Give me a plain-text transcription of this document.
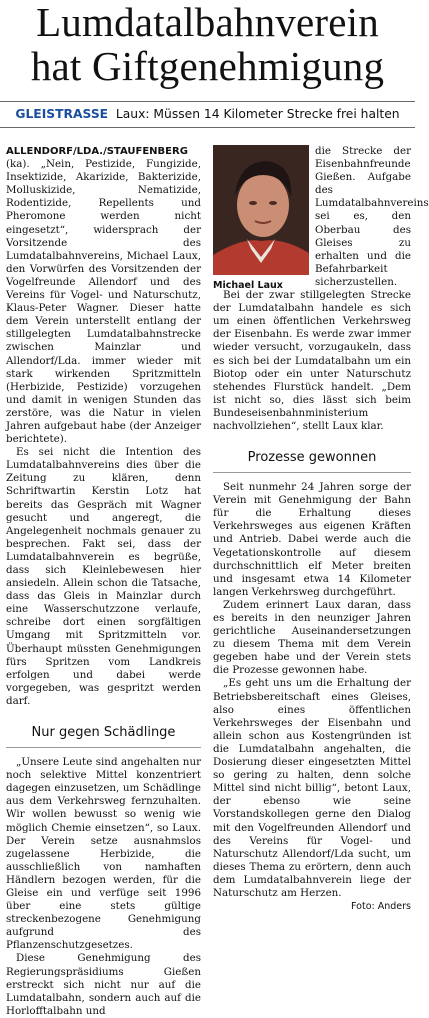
Lumdatalbahnverein
hat Giftgenehmigung
GLEISTRASSE Laux: Müssen 14 Kilometer Strecke frei halten
ALLENDORF/LDA./STAUFENBERG

(ka). „Nein, Pestizide, Fungizide, Insektizide, Akarizide, Bakterizide, Molluskizide, Nematizide, Rodentizide, Repellents und Pheromone werden nicht eingesetzt“, widersprach der Vorsitzende des Lumdatalbahnvereins, Michael Laux, den Vorwürfen des Vorsitzenden der Vogelfreunde Allendorf und des Vereins für Vogel- und Naturschutz, Klaus-Peter Wagner. Dieser hatte dem Verein unterstellt entlang der stillgelegten Lumdatalbahnstrecke zwischen Mainzlar und Allendorf/Lda. immer wieder mit stark wirkenden Spritzmitteln (Herbizide, Pestizide) vorzugehen und damit in wenigen Stunden das zerstöre, was die Natur in vielen Jahren aufgebaut habe (der Anzeiger berichtete).

Es sei nicht die Intention des Lumdatalbahnvereins dies über die Zeitung zu klären, denn Schriftwartin Kerstin Lotz hat bereits das Gespräch mit Wagner gesucht und angeregt, die Angelegenheit nochmals genauer zu besprechen. Fakt sei, dass der Lumdatalbahnverein es begrüße, dass sich Kleinlebewesen hier ansiedeln. Allein schon die Tatsache, dass das Gleis in Mainzlar durch eine Wasserschutzzone verlaufe, schreibe dort einen sorgfältigen Umgang mit Spritzmitteln vor. Überhaupt müssten Genehmigungen fürs Spritzen vom Landkreis erfolgen und dabei werde vorgegeben, was gespritzt werden darf.

Nur gegen Schädlinge

„Unsere Leute sind angehalten nur noch selektive Mittel konzentriert dagegen einzusetzen, um Schädlinge aus dem Verkehrsweg fernzuhalten. Wir wollen bewusst so wenig wie möglich Chemie einsetzen“, so Laux. Der Verein setze ausnahmslos zugelassene Herbizide, die ausschließlich von namhaften Händlern bezogen werden, für die Gleise ein und verfüge seit 1996 über eine stets gültige streckenbezogene Genehmigung aufgrund des Pflanzenschutzgesetzes.

Diese Genehmigung des Regierungspräsidiums Gießen erstreckt sich nicht nur auf die Lumdatalbahn, sondern auch auf die Horlofftalbahn und

Michael Laux

die Strecke der Eisenbahnfreunde Gießen. Aufgabe des Lumdatalbahnvereins sei es, den Oberbau des Gleises zu erhalten und die Befahrbarkeit sicherzustellen.

Bei der zwar stillgelegten Strecke der Lumdatalbahn handele es sich um einen öffentlichen Verkehrsweg der Eisenbahn. Es werde zwar immer wieder versucht, vorzugaukeln, dass es sich bei der Lumdatalbahn um ein Biotop oder ein unter Naturschutz stehendes Flurstück handelt. „Dem ist nicht so, dies lässt sich beim Bundeseisenbahnministerium nachvollziehen“, stellt Laux klar.

Prozesse gewonnen

Seit nunmehr 24 Jahren sorge der Verein mit Genehmigung der Bahn für die Erhaltung dieses Verkehrsweges aus eigenen Kräften und Antrieb. Dabei werde auch die Vegetationskontrolle auf diesem durchschnittlich elf Meter breiten und insgesamt etwa 14 Kilometer langen Verkehrsweg durchgeführt.

Zudem erinnert Laux daran, dass es bereits in den neunziger Jahren gerichtliche Auseinandersetzungen zu diesem Thema mit dem Verein gegeben habe und der Verein stets die Prozesse gewonnen habe.

„Es geht uns um die Erhaltung der Betriebsbereitschaft eines Gleises, also eines öffentlichen Verkehrsweges der Eisenbahn und allein schon aus Kostengründen ist die Lumdatalbahn angehalten, die Dosierung dieser eingesetzten Mittel so gering zu halten, denn solche Mittel sind nicht billig“, betont Laux, der ebenso wie seine Vorstandskollegen gerne den Dialog mit den Vogelfreunden Allendorf und des Vereins für Vogel- und Naturschutz Allendorf/Lda sucht, um dieses Thema zu erörtern, denn auch dem Lumdatalbahnverein liege der Naturschutz am Herzen.
Foto: Anders
